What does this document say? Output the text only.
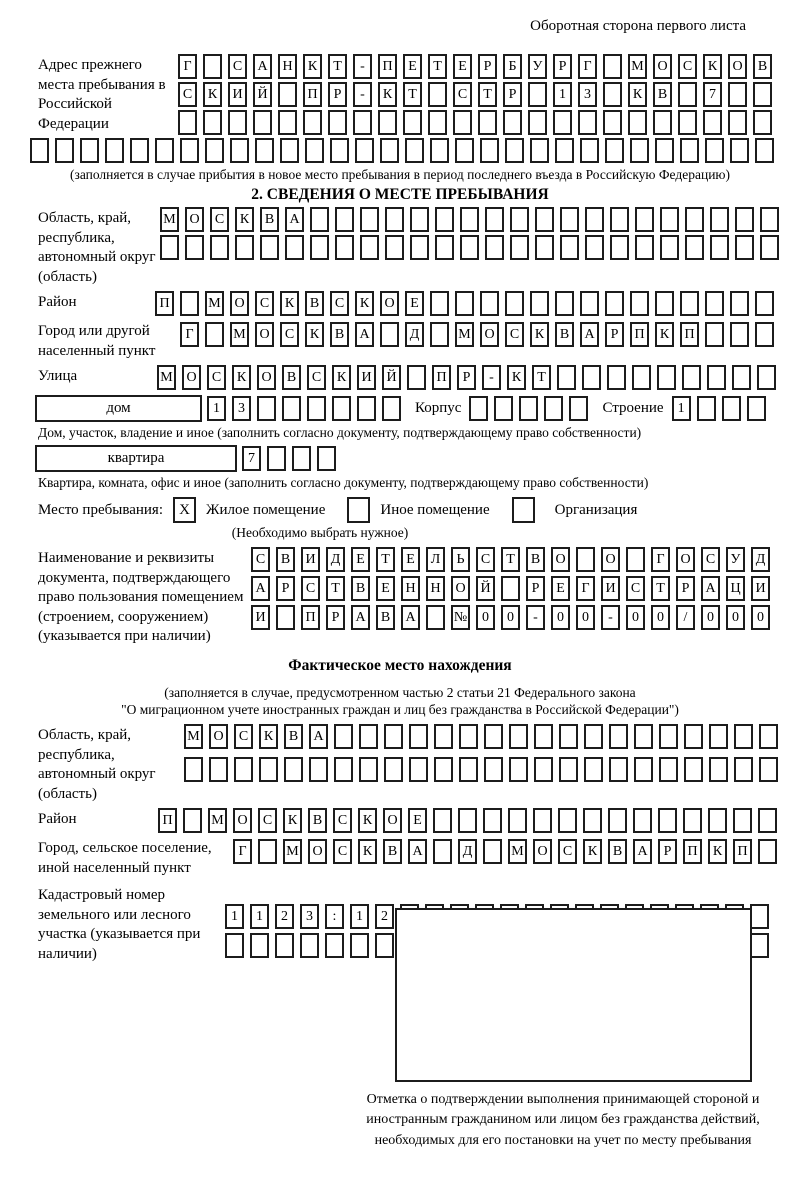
Оборотная сторона первого листа
Адрес прежнего места пребывания в Российской Федерации
Г	С	А	Н	К	Т	-	П	Е	Т	Е	Р	Б	У	Р	Г	М О	С	К	О	В
С	К	И	Й	П	Р	-	К	Т	С	Т	Р	1	3	К	В	7
(заполняется в случае прибытия в новое место пребывания в период последнего въезда в Российскую Федерацию)
2. СВЕДЕНИЯ О МЕСТЕ ПРЕБЫВАНИЯ
Область, край, республика, автономный округ (область)
М О	С	К	В	А
Район	П	М О	С	К	В	С	К	О	Е
Город или другой населенный пункт
Г	М О	С	К	В	А	Д	М О	С	К	В	А	Р	П	К	П
Улица	М О	С	К	О	В	С	К	И	Й	П	Р	-	К	Т
дом	1	3	Корпус	Строение	1
Дом, участок, владение и иное (заполнить согласно документу, подтверждающему право собственности)
квартира	7
Квартира, комната, офис и иное (заполнить согласно документу, подтверждающему право собственности)
Место пребывания:	X	Жилое помещение	Иное помещение	Организация
(Необходимо выбрать нужное)
Наименование и реквизиты документа, подтверждающего право пользования помещением (строением, сооружением) (указывается при наличии)
С	В	И	Д	Е	Т	Е	Л	Ь	С	Т	В	О	О	Г	О	С	У	Д
А	Р	С	Т	В	Е	Н	Н	О	Й	Р	Е	Г	И	С	Т	Р	А	Ц	И
И	П	Р	А	В	А	№	0	0	-	0	0	-	0	0	/	0	0	0
Фактическое место нахождения
(заполняется в случае, предусмотренном частью 2 статьи 21 Федерального закона
"О миграционном учете иностранных граждан и лиц без гражданства в Российской Федерации")
Область, край, республика, автономный округ (область)
М О	С	К	В	А
Район	П	М О	С	К	В	С	К	О	Е
Город, сельское поселение, иной населенный пункт
Г	М О	С	К	В	А	Д	М О	С	К	В	А	Р	П	К	П
Кадастровый номер земельного или лесного участка (указывается при наличии)
1	1	2	3	:	1	2
Отметка о подтверждении выполнения принимающей стороной и иностранным гражданином или лицом без гражданства действий, необходимых для его постановки на учет по месту пребывания
